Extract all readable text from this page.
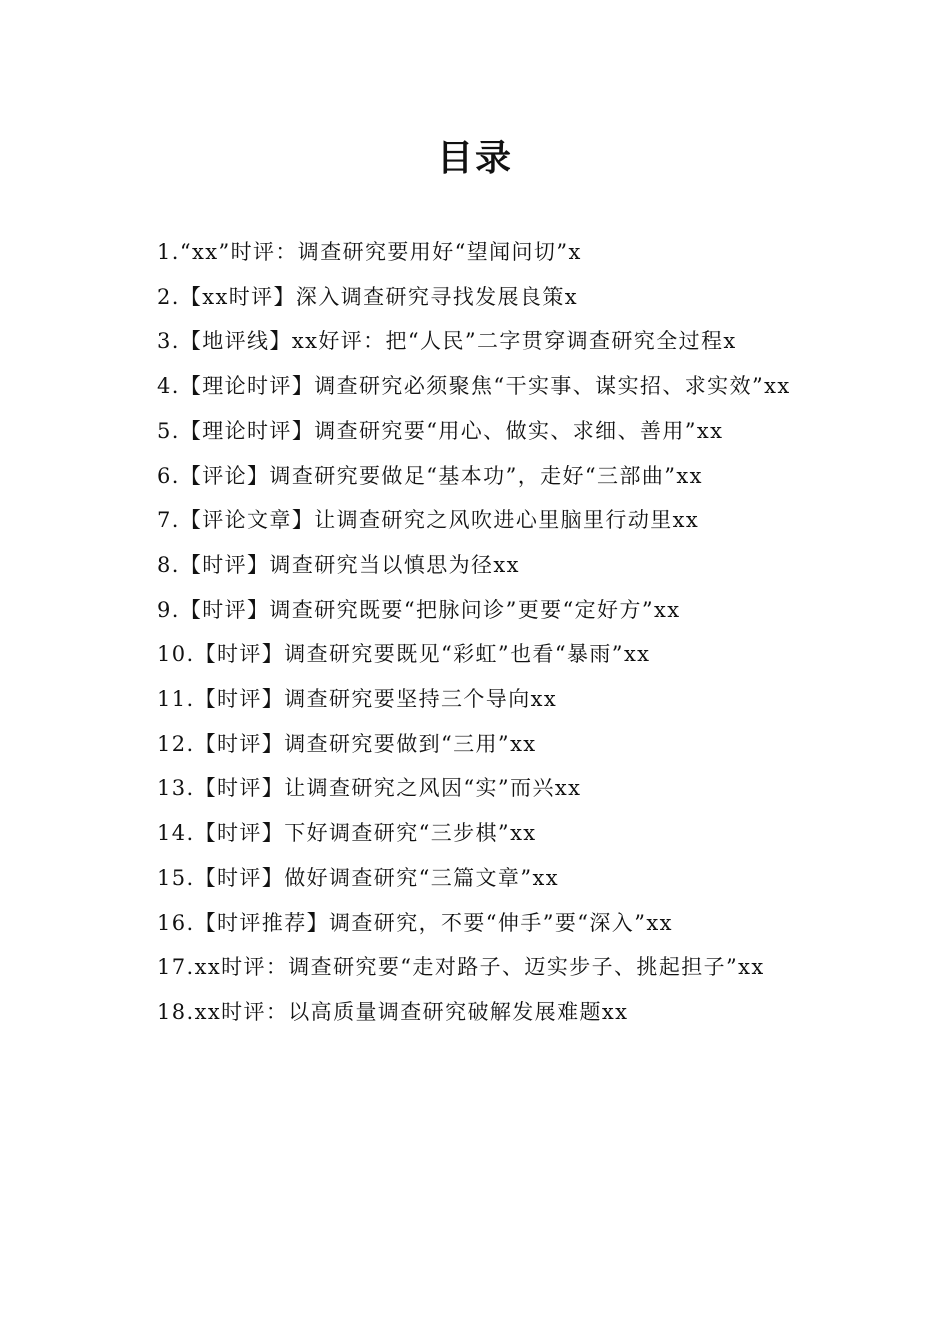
目录
1.“xx”时评：调查研究要用好“望闻问切”x
2.【xx时评】深入调查研究寻找发展良策x
3.【地评线】xx好评：把“人民”二字贯穿调查研究全过程x
4.【理论时评】调查研究必须聚焦“干实事、谋实招、求实效”xx
5.【理论时评】调查研究要“用心、做实、求细、善用”xx
6.【评论】调查研究要做足“基本功”，走好“三部曲”xx
7.【评论文章】让调查研究之风吹进心里脑里行动里xx
8.【时评】调查研究当以慎思为径xx
9.【时评】调查研究既要“把脉问诊”更要“定好方”xx
10.【时评】调查研究要既见“彩虹”也看“暴雨”xx
11.【时评】调查研究要坚持三个导向xx
12.【时评】调查研究要做到“三用”xx
13.【时评】让调查研究之风因“实”而兴xx
14.【时评】下好调查研究“三步棋”xx
15.【时评】做好调查研究“三篇文章”xx
16.【时评推荐】调查研究，不要“伸手”要“深入”xx
17.xx时评：调查研究要“走对路子、迈实步子、挑起担子”xx
18.xx时评：以高质量调查研究破解发展难题xx
